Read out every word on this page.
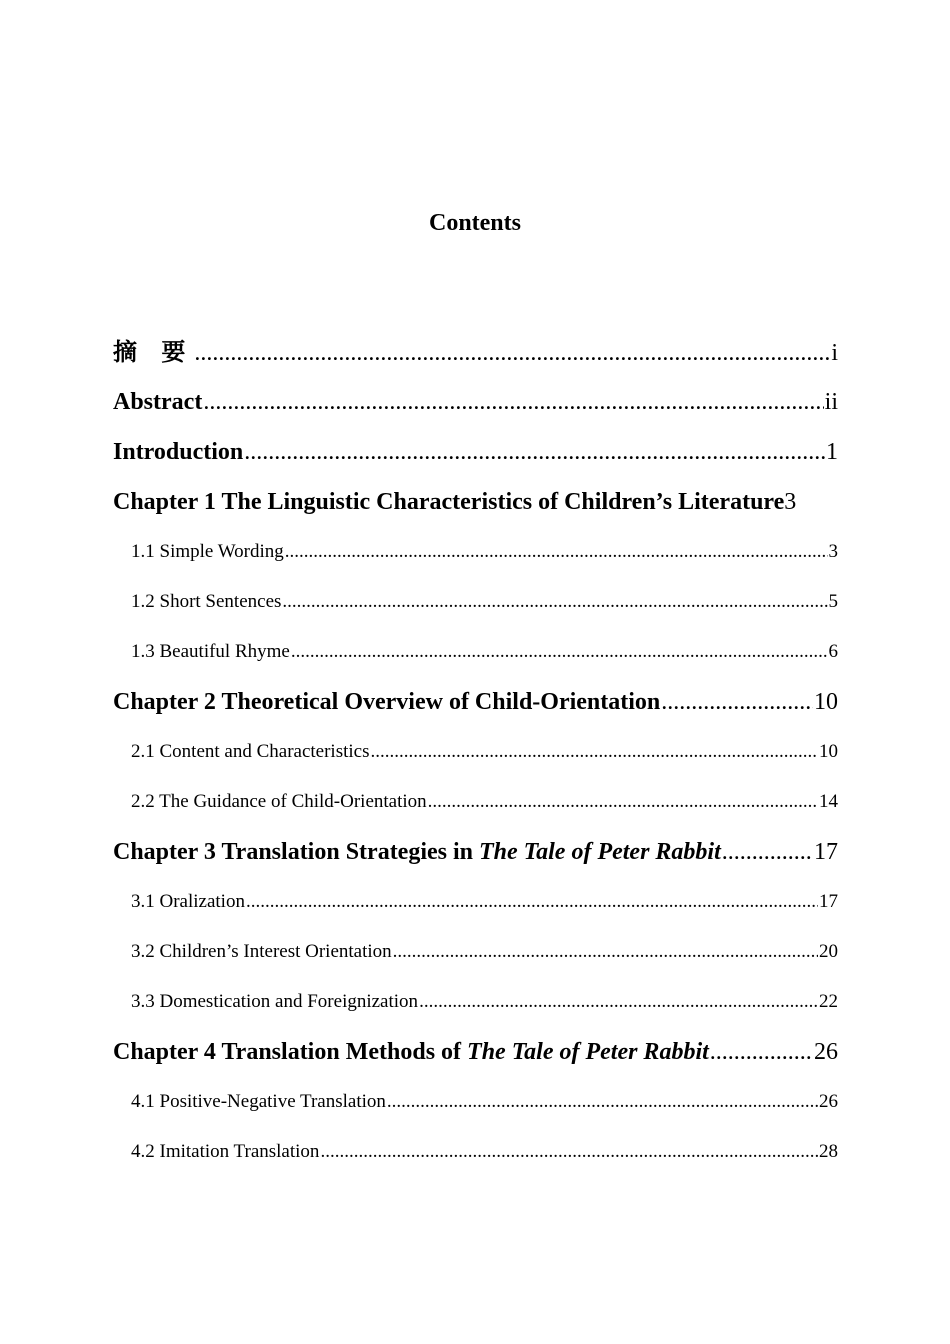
Contents
摘 要 .....	i
Abstract .....	ii
Introduction .....	1
Chapter 1 The Linguistic Characteristics of Children’s Literature 3
1.1 Simple Wording .....	3
1.2 Short Sentences .....	5
1.3 Beautiful Rhyme .....	6
Chapter 2 Theoretical Overview of Child-Orientation .....	10
2.1 Content and Characteristics .....	10
2.2 The Guidance of Child-Orientation .....	14
Chapter 3 Translation Strategies in The Tale of Peter Rabbit .....	17
3.1 Oralization .....	17
3.2 Children’s Interest Orientation .....	20
3.3 Domestication and Foreignization .....	22
Chapter 4 Translation Methods of The Tale of Peter Rabbit .....	26
4.1 Positive-Negative Translation .....	26
4.2 Imitation Translation .....	28
